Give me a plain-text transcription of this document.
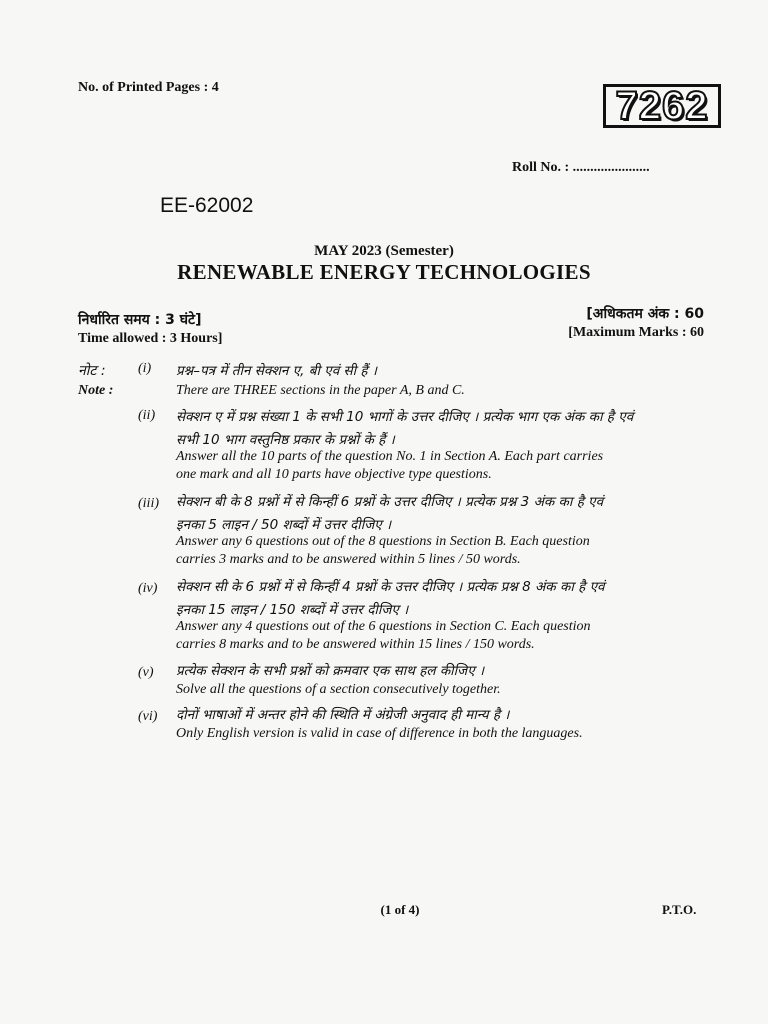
No. of Printed Pages : 4	7262
Roll No. : ......................
EE-62002
MAY 2023 (Semester)
RENEWABLE ENERGY TECHNOLOGIES
निर्धारित समय : 3 घंटे]
Time allowed : 3 Hours]
[अधिकतम अंक : 60
[Maximum Marks : 60
नोट :
Note :
(i) प्रश्न–पत्र में तीन सेक्शन ए, बी एवं सी हैं ।
There are THREE sections in the paper A, B and C.
(ii) सेक्शन ए में प्रश्न संख्या 1 के सभी 10 भागों के उत्तर दीजिए । प्रत्येक भाग एक अंक का है एवं
सभी 10 भाग वस्तुनिष्ठ प्रकार के प्रश्नों के हैं ।
Answer all the 10 parts of the question No. 1 in Section A. Each part carries
one mark and all 10 parts have objective type questions.
(iii) सेक्शन बी के 8 प्रश्नों में से किन्हीं 6 प्रश्नों के उत्तर दीजिए । प्रत्येक प्रश्न 3 अंक का है एवं
इनका 5 लाइन / 50 शब्दों में उत्तर दीजिए ।
Answer any 6 questions out of the 8 questions in Section B. Each question
carries 3 marks and to be answered within 5 lines / 50 words.
(iv) सेक्शन सी के 6 प्रश्नों में से किन्हीं 4 प्रश्नों के उत्तर दीजिए । प्रत्येक प्रश्न 8 अंक का है एवं
इनका 15 लाइन / 150 शब्दों में उत्तर दीजिए ।
Answer any 4 questions out of the 6 questions in Section C. Each question
carries 8 marks and to be answered within 15 lines / 150 words.
(v) प्रत्येक सेक्शन के सभी प्रश्नों को क्रमवार एक साथ हल कीजिए ।
Solve all the questions of a section consecutively together.
(vi) दोनों भाषाओं में अन्तर होने की स्थिति में अंग्रेजी अनुवाद ही मान्य है ।
Only English version is valid in case of difference in both the languages.
(1 of 4)	P.T.O.
